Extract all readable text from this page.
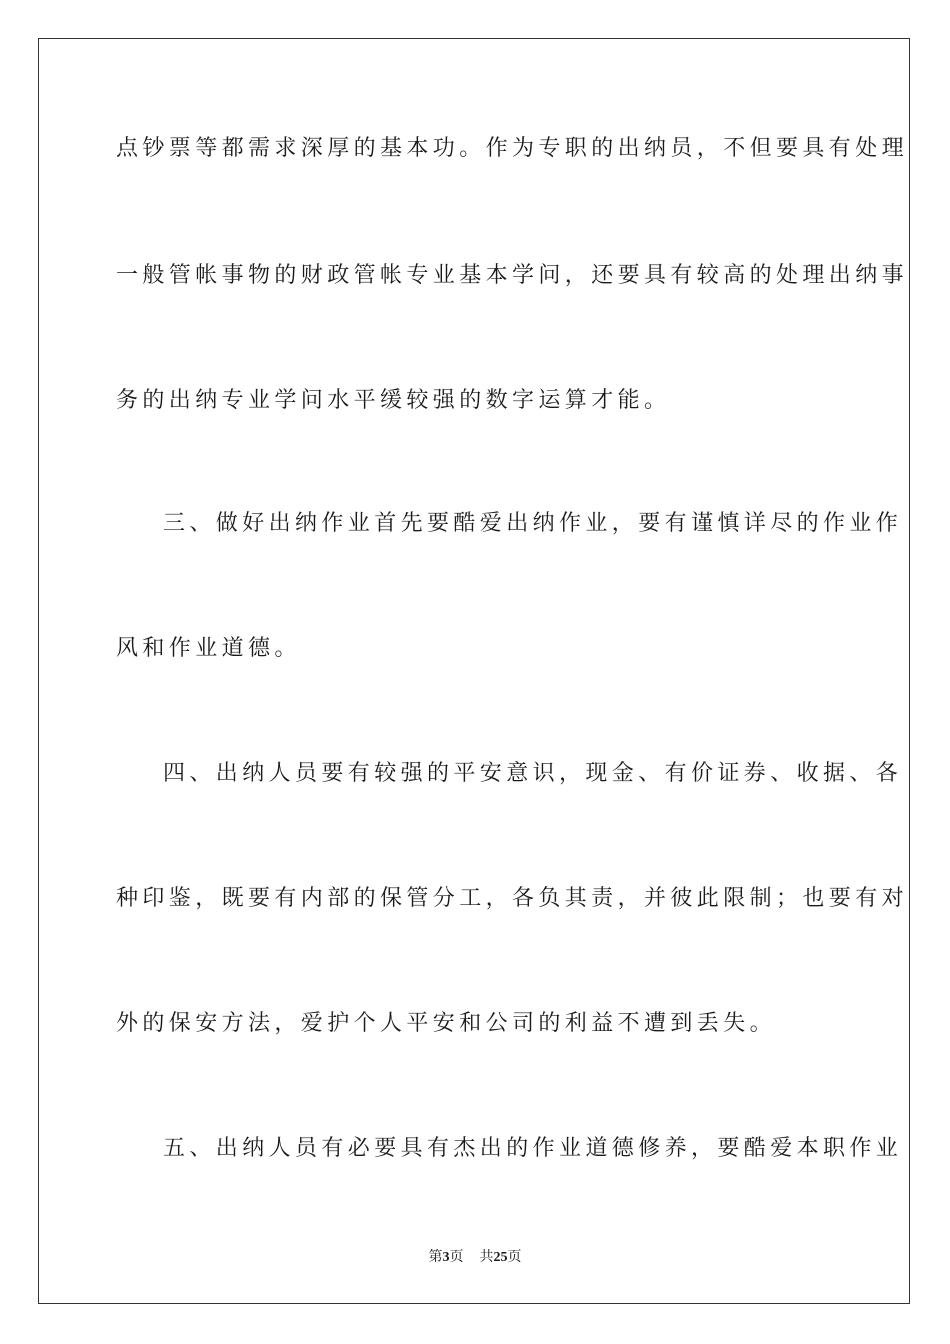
点钞票等都需求深厚的基本功。作为专职的出纳员，不但要具有处理
一般管帐事物的财政管帐专业基本学问，还要具有较高的处理出纳事
务的出纳专业学问水平缓较强的数字运算才能。
三、做好出纳作业首先要酷爱出纳作业，要有谨慎详尽的作业作
风和作业道德。
四、出纳人员要有较强的平安意识，现金、有价证券、收据、各
种印鉴，既要有内部的保管分工，各负其责，并彼此限制；也要有对
外的保安方法，爱护个人平安和公司的利益不遭到丢失。
五、出纳人员有必要具有杰出的作业道德修养，要酷爱本职作业
第3页 共25页
